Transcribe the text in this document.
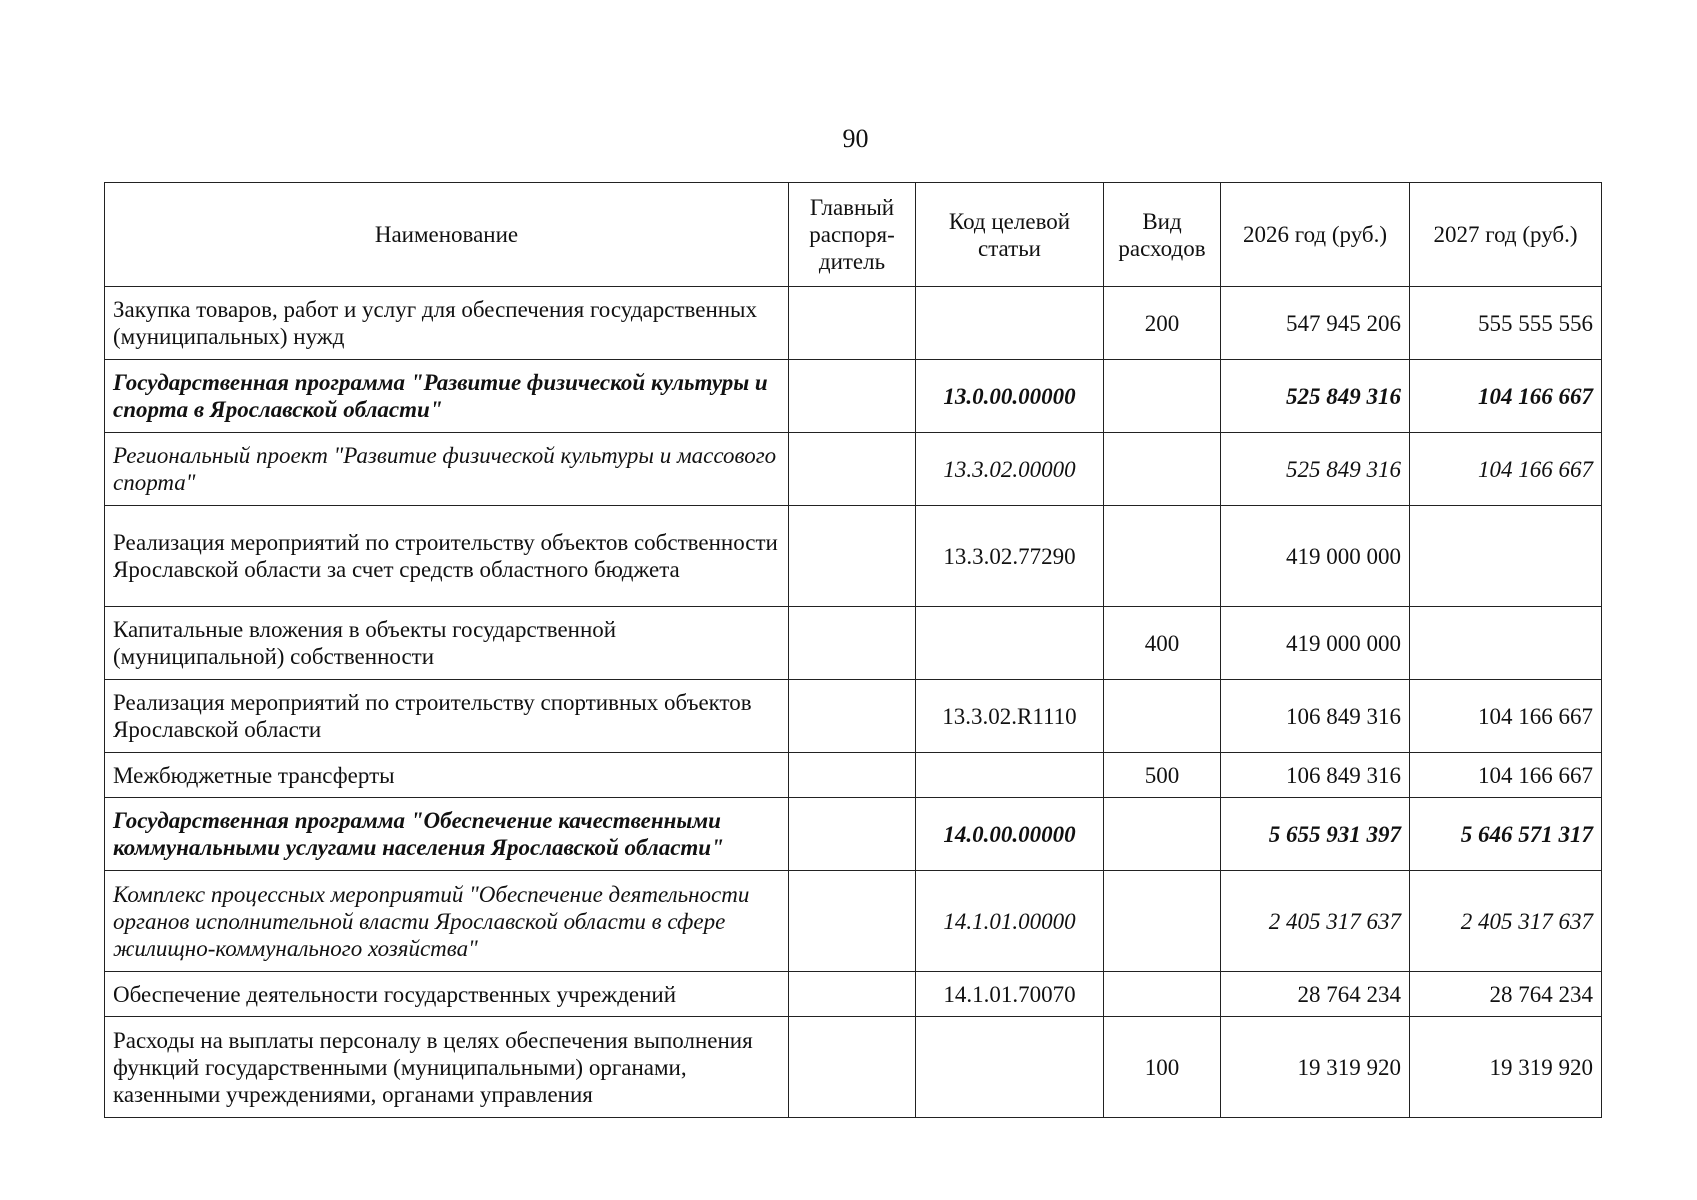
90
Наименование	Главный распоря-дитель	Код целевой статьи	Вид расходов	2026 год (руб.)	2027 год (руб.)
Закупка товаров, работ и услуг для обеспечения государственных (муниципальных) нужд			200	547 945 206	555 555 556
Государственная программа "Развитие физической культуры и спорта в Ярославской области"		13.0.00.00000		525 849 316	104 166 667
Региональный проект "Развитие физической культуры и массового спорта"		13.3.02.00000		525 849 316	104 166 667
Реализация мероприятий по строительству объектов собственности Ярославской области за счет средств областного бюджета		13.3.02.77290		419 000 000	
Капитальные вложения в объекты государственной (муниципальной) собственности			400	419 000 000	
Реализация мероприятий по строительству спортивных объектов Ярославской области		13.3.02.R1110		106 849 316	104 166 667
Межбюджетные трансферты			500	106 849 316	104 166 667
Государственная программа "Обеспечение качественными коммунальными услугами населения Ярославской области"		14.0.00.00000		5 655 931 397	5 646 571 317
Комплекс процессных мероприятий "Обеспечение деятельности органов исполнительной власти Ярославской области в сфере жилищно-коммунального хозяйства"		14.1.01.00000		2 405 317 637	2 405 317 637
Обеспечение деятельности государственных учреждений		14.1.01.70070		28 764 234	28 764 234
Расходы на выплаты персоналу в целях обеспечения выполнения функций государственными (муниципальными) органами, казенными учреждениями, органами управления			100	19 319 920	19 319 920
